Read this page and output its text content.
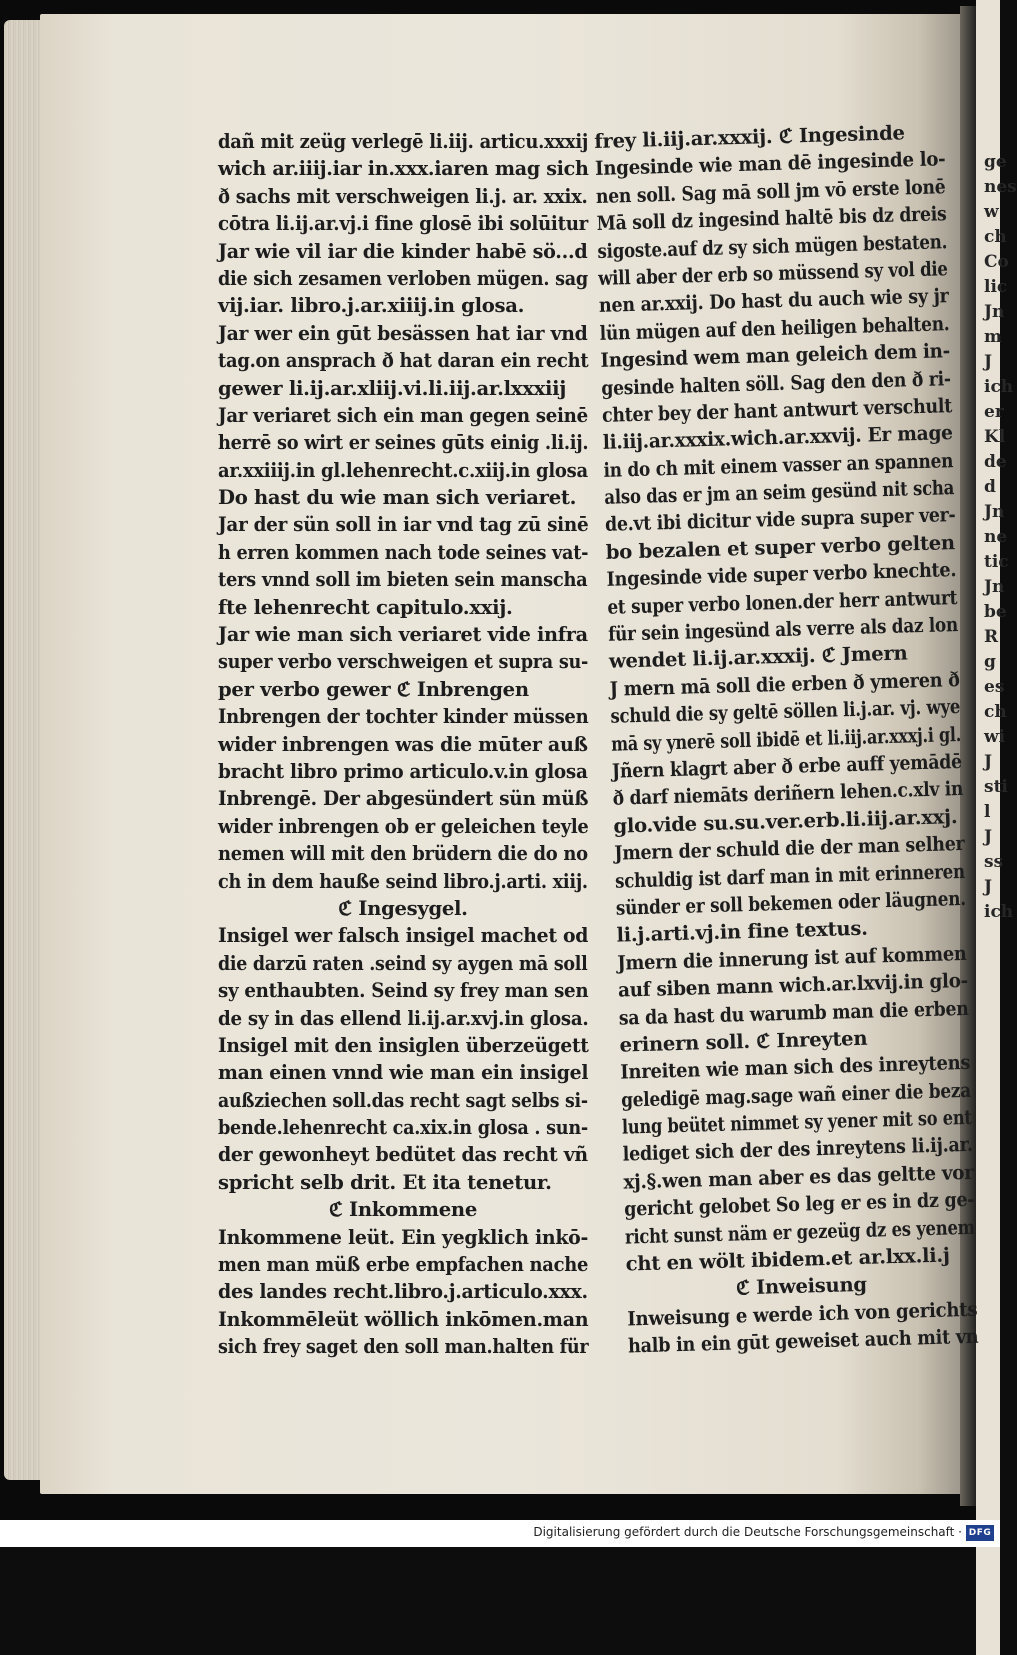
ge
nes
w
ch
Co
lic
Jn
m
J
ich
er
Kl
de
d
Jn
ne
tic
Jn
be
R
g
es
ch
wi
J
sti
l
J
ss
J
ich
dañ mit zeüg verlegē li.iij. articu.xxxij
wich ar.iiij.iar in.xxx.iaren mag sich
ð sachs mit verschweigen li.j. ar. xxix.
cōtra li.ij.ar.vj.i fine glosē ibi solūitur
Jar wie vil iar die kinder habē sö...d
die sich zesamen verloben mügen. sag
vij.iar. libro.j.ar.xiiij.in glosa.
Jar wer ein gūt besässen hat iar vnd
tag.on ansprach ð hat daran ein recht
gewer li.ij.ar.xliij.vi.li.iij.ar.lxxxiij
Jar veriaret sich ein man gegen seinē
herrē so wirt er seines gūts einig .li.ij.
ar.xxiiij.in gl.lehenrecht.c.xiij.in glosa
Do hast du wie man sich veriaret.
Jar der sün soll in iar vnd tag zū sinē
h erren kommen nach tode seines vat-
ters vnnd soll im bieten sein manscha
fte lehenrecht capitulo.xxij.
Jar wie man sich veriaret vide infra
super verbo verschweigen et supra su-
per verbo gewer ℭ Inbrengen
Inbrengen der tochter kinder müssen
wider inbrengen was die mūter auß
bracht libro primo articulo.v.in glosa
Inbrengē. Der abgesündert sün müß
wider inbrengen ob er geleichen teyle
nemen will mit den brüdern die do no
ch in dem hauße seind libro.j.arti. xiij.
ℭ Ingesygel.
Insigel wer falsch insigel machet od
die darzū raten .seind sy aygen mā soll
sy enthaubten. Seind sy frey man sen
de sy in das ellend li.ij.ar.xvj.in glosa.
Insigel mit den insiglen überzeügett
man einen vnnd wie man ein insigel
außziechen soll.das recht sagt selbs si-
bende.lehenrecht ca.xix.in glosa . sun-
der gewonheyt bedütet das recht vñ
spricht selb drit. Et ita tenetur.
ℭ Inkommene
Inkommene leüt. Ein yegklich inkō-
men man müß erbe empfachen nache
des landes recht.libro.j.articulo.xxx.
Inkommēleüt wöllich inkōmen.man
sich frey saget den soll man.halten für
frey li.iij.ar.xxxij. ℭ Ingesinde
Ingesinde wie man dē ingesinde lo-
nen soll. Sag mā soll jm vō erste lonē
Mā soll dz ingesind haltē bis dz dreis
sigoste.auf dz sy sich mügen bestaten.
will aber der erb so müssend sy vol die
nen ar.xxij. Do hast du auch wie sy jr
lün mügen auf den heiligen behalten.
Ingesind wem man geleich dem in-
gesinde halten söll. Sag den den ð ri-
chter bey der hant antwurt verschult
li.iij.ar.xxxix.wich.ar.xxvij. Er mage
in do ch mit einem vasser an spannen
also das er jm an seim gesünd nit scha
de.vt ibi dicitur vide supra super ver-
bo bezalen et super verbo gelten
Ingesinde vide super verbo knechte.
et super verbo lonen.der herr antwurt
für sein ingesünd als verre als daz lon
wendet li.ij.ar.xxxij. ℭ Jmern
J mern mā soll die erben ð ymeren ð
schuld die sy geltē söllen li.j.ar. vj. wye
mā sy ynerē soll ibidē et li.iij.ar.xxxj.i gl.
Jñern klagrt aber ð erbe auff yemādē
ð darf niemāts deriñern lehen.c.xlv in
glo.vide su.su.ver.erb.li.iij.ar.xxj.
Jmern der schuld die der man selher
schuldig ist darf man in mit erinneren
sünder er soll bekemen oder läugnen.
li.j.arti.vj.in fine textus.
Jmern die innerung ist auf kommen
auf siben mann wich.ar.lxvij.in glo-
sa da hast du warumb man die erben
erinern soll. ℭ Inreyten
Inreiten wie man sich des inreytens
geledigē mag.sage wañ einer die beza
lung beütet nimmet sy yener mit so ent
lediget sich der des inreytens li.ij.ar.
xj.§.wen man aber es das geltte vor
gericht gelobet So leg er es in dz ge-
richt sunst näm er gezeüg dz es yenem
cht en wölt ibidem.et ar.lxx.li.j
ℭ Inweisung
Inweisung e werde ich von gerichts
halb in ein gūt geweiset auch mit vn
Digitalisierung gefördert durch die Deutsche Forschungsgemeinschaft · DFG
